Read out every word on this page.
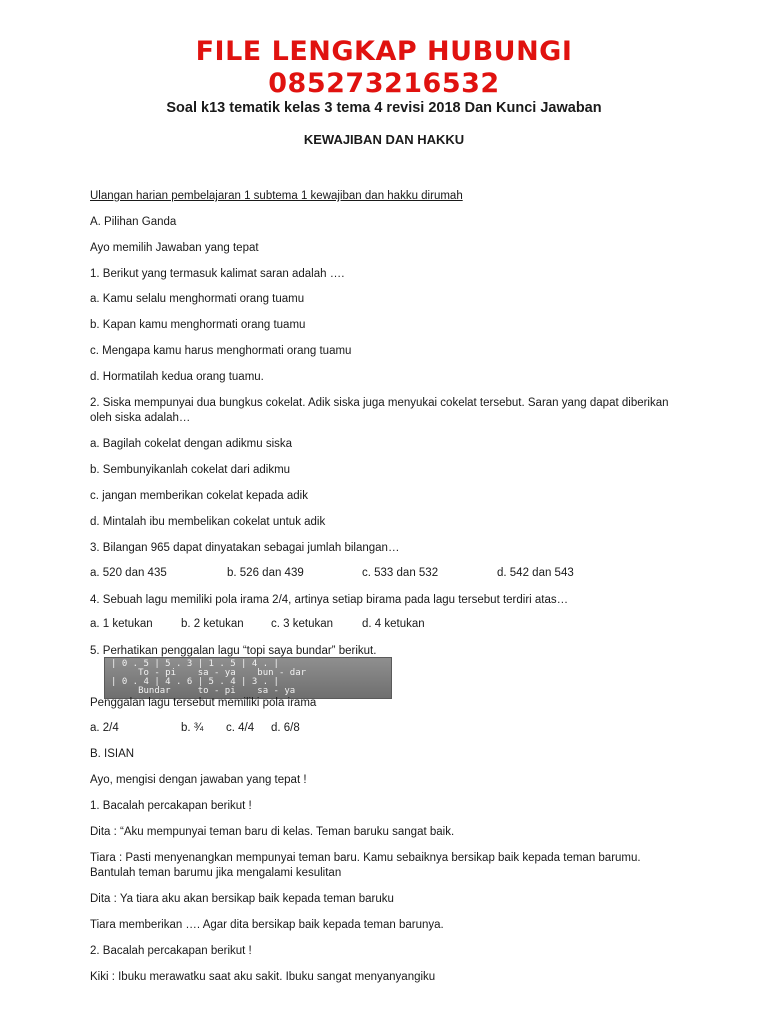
FILE LENGKAP HUBUNGI
085273216532
Soal k13 tematik kelas 3 tema 4 revisi 2018 Dan Kunci Jawaban
KEWAJIBAN DAN HAKKU
Ulangan harian pembelajaran 1 subtema 1 kewajiban dan hakku dirumah
A. Pilihan Ganda
Ayo memilih Jawaban yang tepat
1. Berikut yang termasuk kalimat saran adalah ….
a. Kamu selalu menghormati orang tuamu
b. Kapan kamu menghormati orang tuamu
c. Mengapa kamu harus menghormati orang tuamu
d. Hormatilah kedua orang tuamu.
2. Siska mempunyai dua bungkus cokelat. Adik siska juga menyukai cokelat tersebut. Saran yang dapat diberikan oleh siska adalah…
a. Bagilah cokelat dengan adikmu siska
b. Sembunyikanlah cokelat dari adikmu
c. jangan memberikan cokelat kepada adik
d. Mintalah ibu membelikan cokelat untuk adik
3. Bilangan 965 dapat dinyatakan sebagai jumlah bilangan…
a. 520 dan 435	b. 526 dan 439	c. 533 dan 532	d. 542 dan 543
4. Sebuah lagu memiliki pola irama 2/4, artinya setiap birama pada lagu tersebut terdiri atas…
a. 1 ketukan b. 2 ketukan c. 3 ketukan	d. 4 ketukan
5. Perhatikan penggalan lagu “topi saya bundar” berikut.
| 0 . 5 | 5 . 3 | 1 . 5 | 4 . |
To - pi    sa - ya    bun - dar
| 0 . 4 | 4 . 6 | 5 . 4 | 3 . |
Bundar     to - pi    sa - ya
Penggalan lagu tersebut memiliki pola irama
a. 2/4	b. ¾ c. 4/4 d. 6/8
B. ISIAN
Ayo, mengisi dengan jawaban yang tepat !
1. Bacalah percakapan berikut !
Dita : “Aku mempunyai teman baru di kelas. Teman baruku sangat baik.
Tiara : Pasti menyenangkan mempunyai teman baru. Kamu sebaiknya bersikap baik kepada teman barumu. Bantulah teman barumu jika mengalami kesulitan
Dita : Ya tiara aku akan bersikap baik kepada teman baruku
Tiara memberikan …. Agar dita bersikap baik kepada teman barunya.
2. Bacalah percakapan berikut !
Kiki : Ibuku merawatku saat aku sakit. Ibuku sangat menyanyangiku
